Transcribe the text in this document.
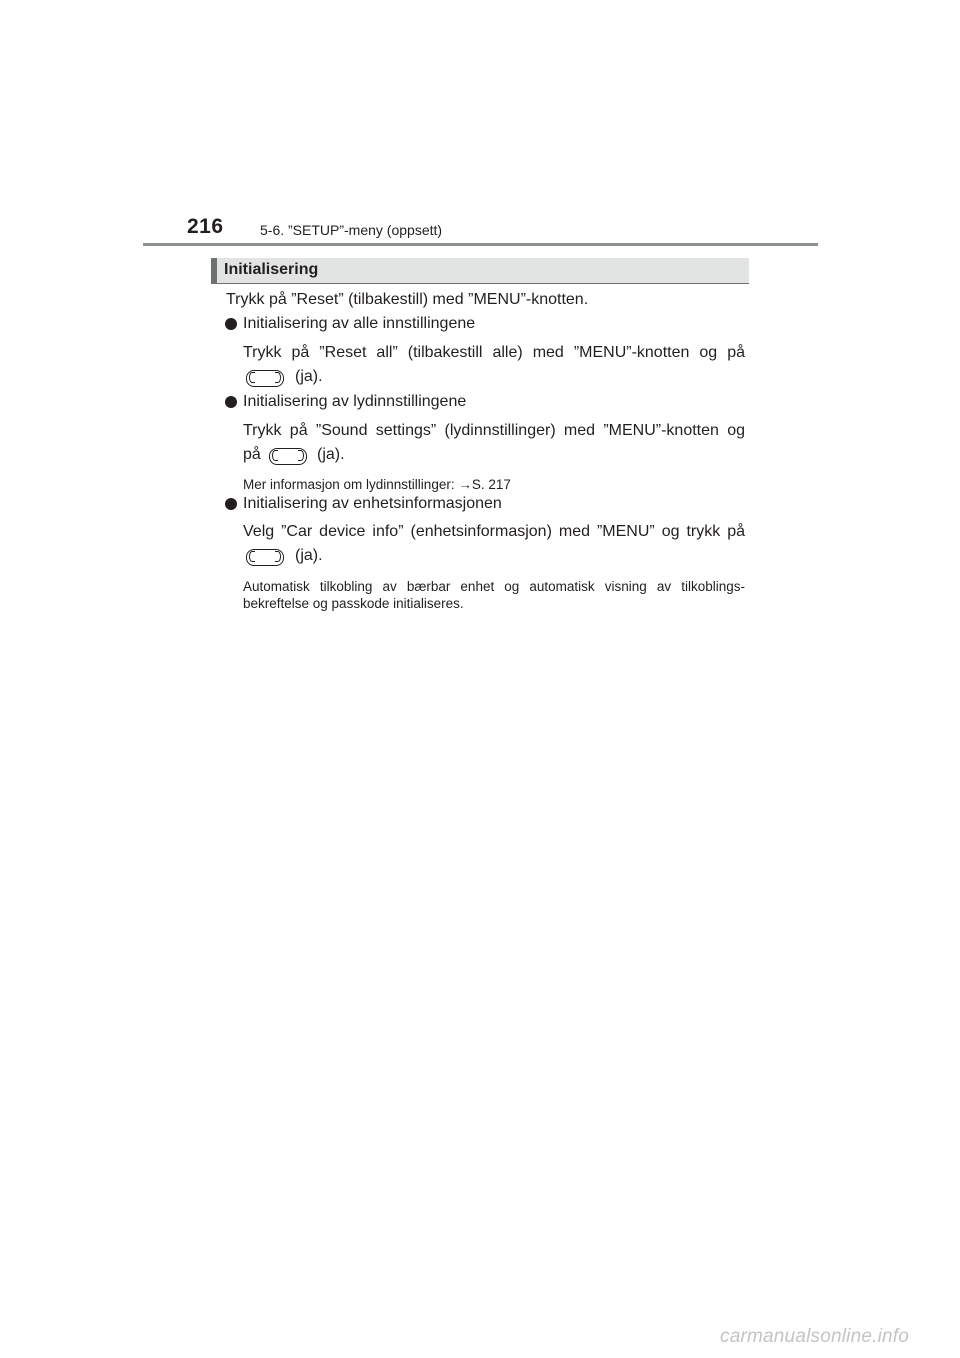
216	5-6. ”SETUP”-meny (oppsett)
Initialisering
Trykk på ”Reset” (tilbakestill) med ”MENU”-knotten.
Initialisering av alle innstillingene
Trykk på ”Reset all” (tilbakestill alle) med ”MENU”-knotten og på
(ja).
Initialisering av lydinnstillingene
Trykk på ”Sound settings” (lydinnstillinger) med ”MENU”-knotten og
på	(ja).
Mer informasjon om lydinnstillinger: →S. 217
Initialisering av enhetsinformasjonen
Velg ”Car device info” (enhetsinformasjon) med ”MENU” og trykk på
(ja).
Automatisk tilkobling av bærbar enhet og automatisk visning av tilkoblings-
bekreftelse og passkode initialiseres.
carmanualsonline.info
